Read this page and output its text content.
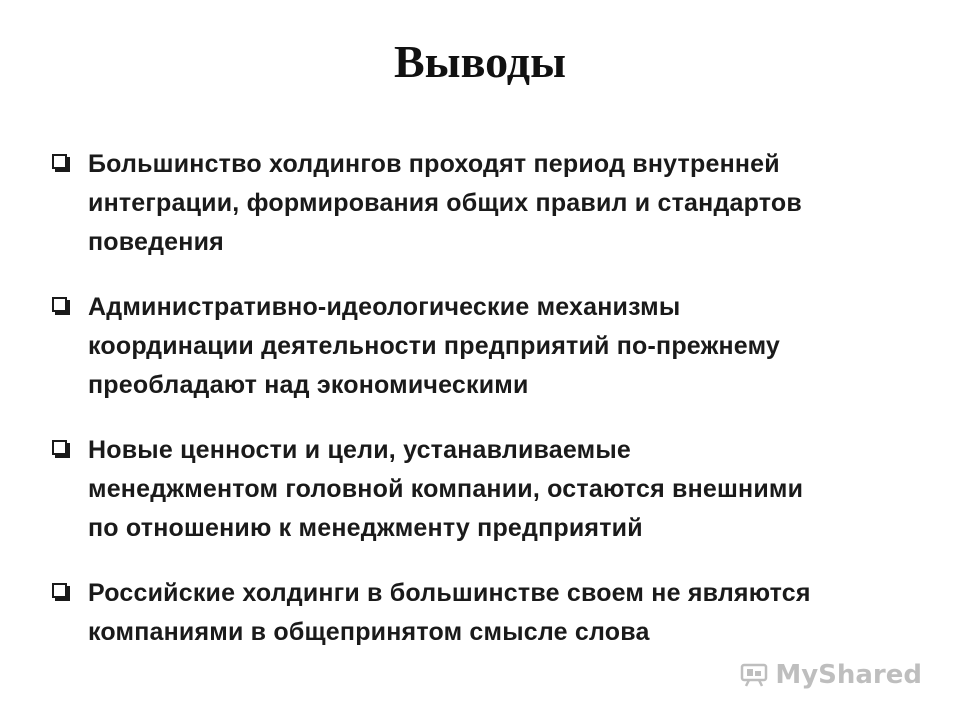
Выводы
Большинство холдингов проходят период внутренней
интеграции, формирования общих правил и стандартов
поведения
Административно-идеологические механизмы
координации деятельности предприятий по-прежнему
преобладают над экономическими
Новые ценности и цели, устанавливаемые
менеджментом головной компании, остаются внешними
по отношению к менеджменту предприятий
Российские холдинги в большинстве своем не являются
компаниями в общепринятом смысле слова
MyShared
